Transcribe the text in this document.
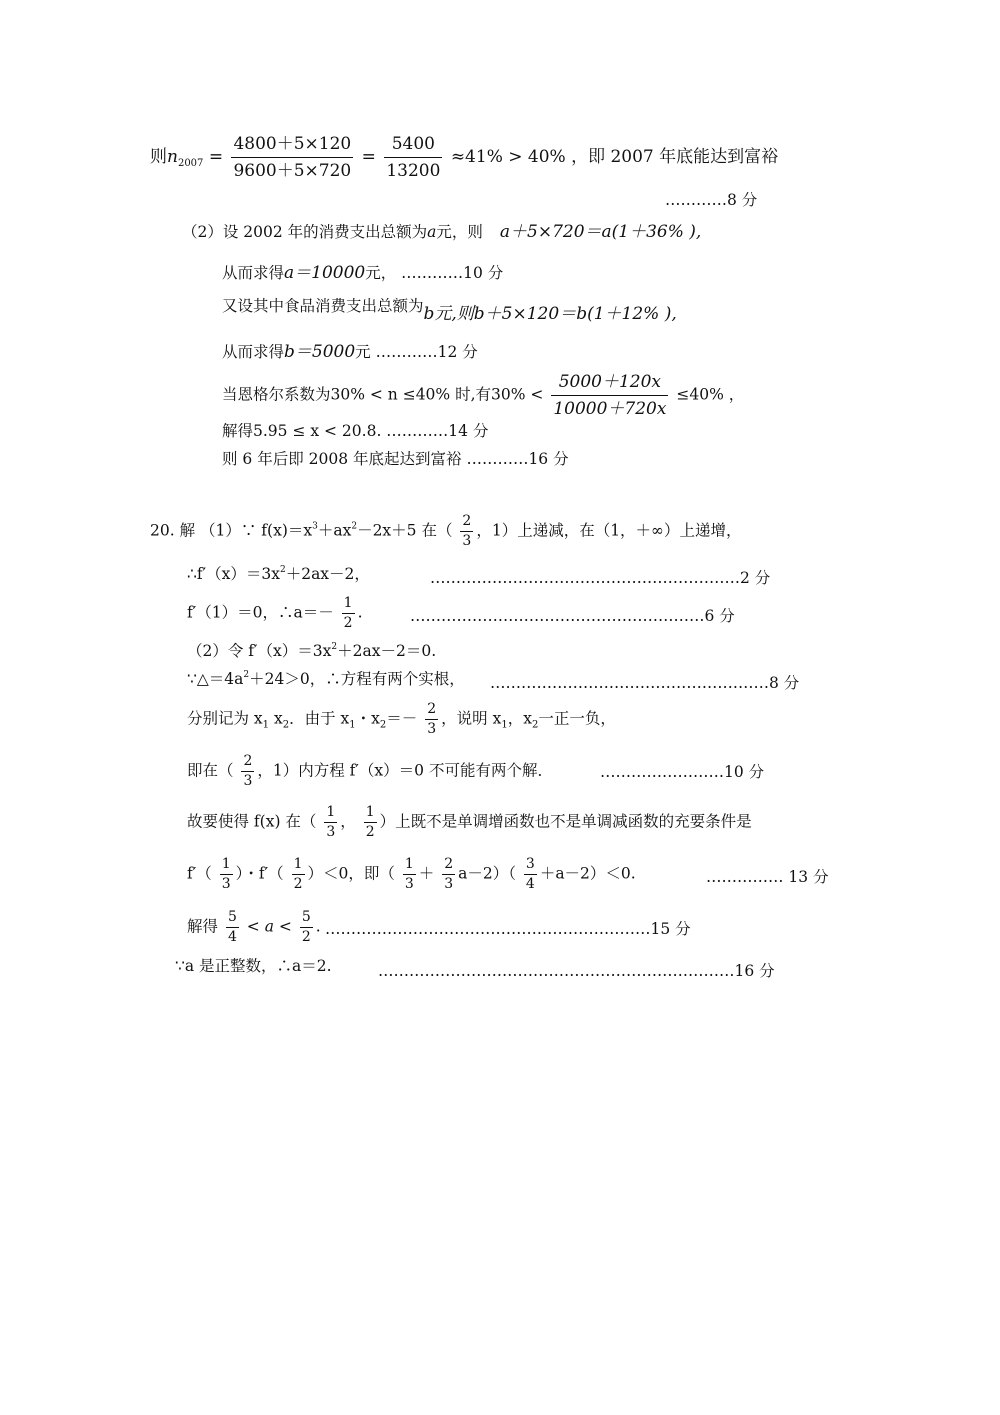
则$n_{2007} = \frac{4800+5\times 120}{9600+5\times 720} = \frac{5400}{13200} \approx 41\% > 40\%$ ，即 2007 年底能达到富裕
…………8 分
（2）设 2002 年的消费支出总额为a元，则 a＋5×720＝a(1＋36% ),
从而求得a＝10000元， …………10 分
又设其中食品消费支出总额为b元,则b＋5×120＝b(1＋12% ),
从而求得b＝5000元 …………12 分
当恩格尔系数为30% < n ≤40% 时,有$30\% < \frac{5000+120x}{10000+720x} \le 40\%$ ，
解得5.95 ≤ x < 20.8. …………14 分
则 6 年后即 2008 年底起达到富裕 …………16 分
20. 解 （1）∵ $f(x)=x^3+ax^2-2x+5$ 在（ $\frac{2}{3}$ ，1）上递减，在（1，＋∞）上递增，
$\therefore f'(x)=3x^2+2ax-2$，	……………………………………………………2 分
f′（1）＝0，∴a＝－ $\frac{1}{2}$ .	…………………………………………………6 分
（2）令 $f'(x)=3x^2+2ax-2=0$.
$\because\triangle=4a^2+24>0$，∴方程有两个实根， ………………………………………………8 分
分别记为 $x_1$ $x_2$．由于 $x_1$・$x_2=- \frac{2}{3}$ ，说明 $x_1$，$x_2$一正一负，
即在（ $\frac{2}{3}$ ，1）内方程 f′（x）＝0 不可能有两个解．	……………………10 分
故要使得 f(x) 在（ $\frac{1}{3}$ ， $\frac{1}{2}$ ）上既不是单调增函数也不是单调减函数的充要条件是
$f'( \frac{1}{3}$ ）・$f'( \frac{1}{2} )<0$，即（ $\frac{1}{3} + \frac{2}{3} a-2)( \frac{3}{4} +a-2)<0$.	…………… 13 分
解得 $\frac{5}{4} < a < \frac{5}{2}$ . ………………………………………………………15 分
∵a 是正整数，∴a＝2.	……………………………………………………………16 分
